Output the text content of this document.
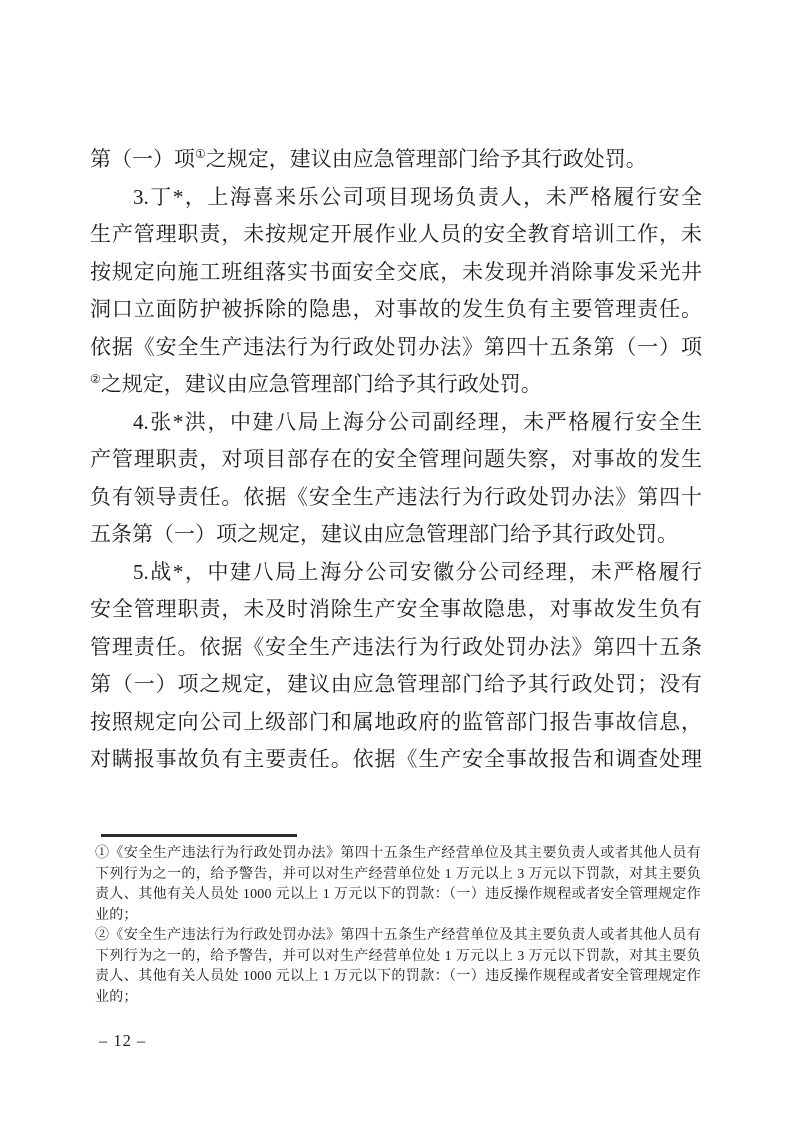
第（一）项①之规定，建议由应急管理部门给予其行政处罚。
3.丁*，上海喜来乐公司项目现场负责人，未严格履行安全
生产管理职责，未按规定开展作业人员的安全教育培训工作，未
按规定向施工班组落实书面安全交底，未发现并消除事发采光井
洞口立面防护被拆除的隐患，对事故的发生负有主要管理责任。
依据《安全生产违法行为行政处罚办法》第四十五条第（一）项
②之规定，建议由应急管理部门给予其行政处罚。
4.张*洪，中建八局上海分公司副经理，未严格履行安全生
产管理职责，对项目部存在的安全管理问题失察，对事故的发生
负有领导责任。依据《安全生产违法行为行政处罚办法》第四十
五条第（一）项之规定，建议由应急管理部门给予其行政处罚。
5.战*，中建八局上海分公司安徽分公司经理，未严格履行
安全管理职责，未及时消除生产安全事故隐患，对事故发生负有
管理责任。依据《安全生产违法行为行政处罚办法》第四十五条
第（一）项之规定，建议由应急管理部门给予其行政处罚；没有
按照规定向公司上级部门和属地政府的监管部门报告事故信息，
对瞒报事故负有主要责任。依据《生产安全事故报告和调查处理
①《安全生产违法行为行政处罚办法》第四十五条生产经营单位及其主要负责人或者其他人员有
下列行为之一的，给予警告，并可以对生产经营单位处 1 万元以上 3 万元以下罚款，对其主要负
责人、其他有关人员处 1000 元以上 1 万元以下的罚款：（一）违反操作规程或者安全管理规定作
业的；
②《安全生产违法行为行政处罚办法》第四十五条生产经营单位及其主要负责人或者其他人员有
下列行为之一的，给予警告，并可以对生产经营单位处 1 万元以上 3 万元以下罚款，对其主要负
责人、其他有关人员处 1000 元以上 1 万元以下的罚款：（一）违反操作规程或者安全管理规定作
业的；
– 12 –
